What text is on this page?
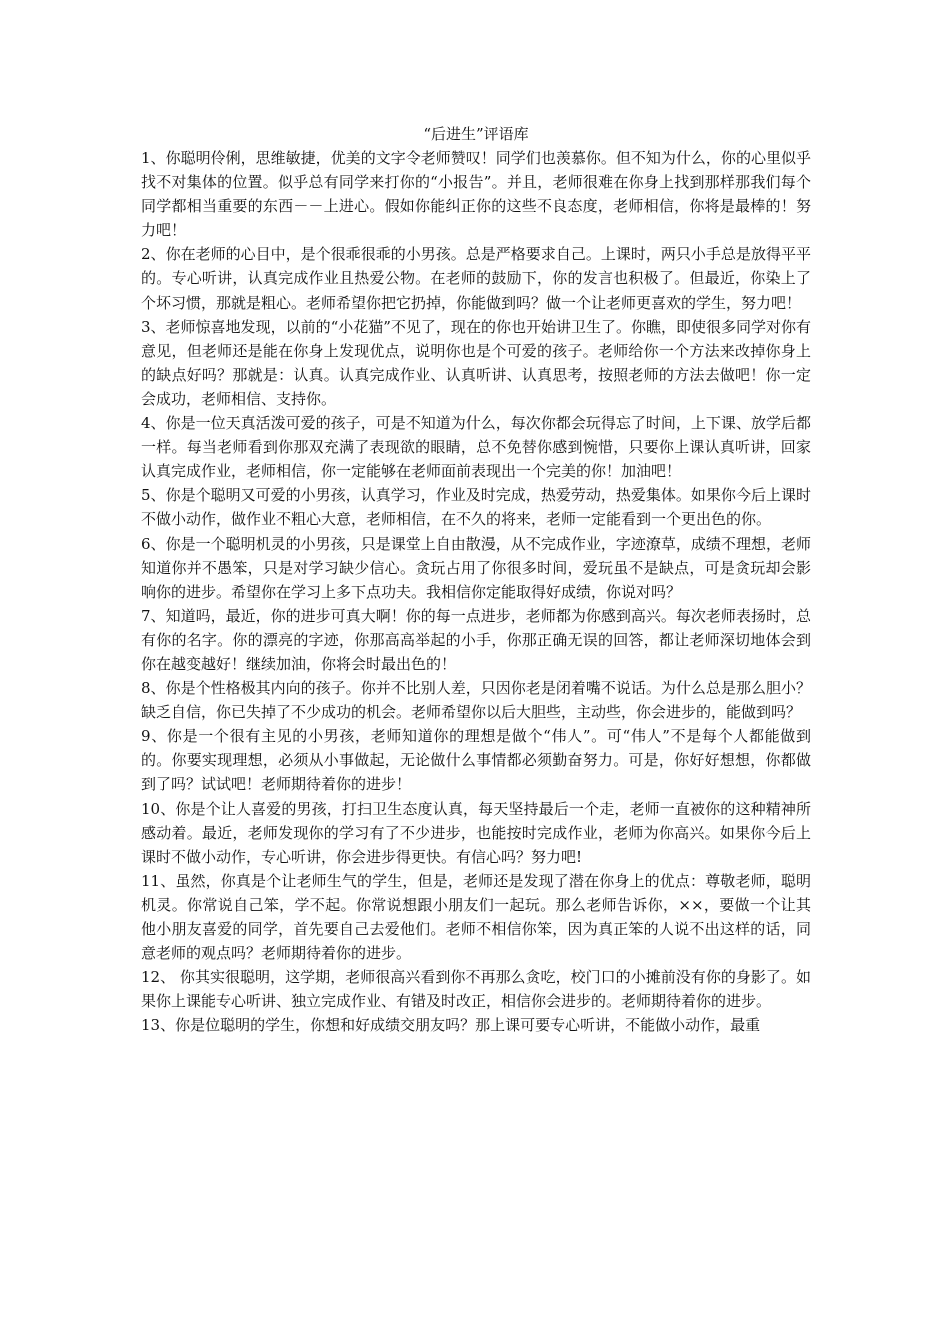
“后进生”评语库

1、你聪明伶俐，思维敏捷，优美的文字令老师赞叹！同学们也羡慕你。但不知为什么，你的心里似乎找不对集体的位置。似乎总有同学来打你的“小报告”。并且，老师很难在你身上找到那样那我们每个同学都相当重要的东西－－上进心。假如你能纠正你的这些不良态度，老师相信，你将是最棒的！努力吧！

2、你在老师的心目中，是个很乖很乖的小男孩。总是严格要求自己。上课时，两只小手总是放得平平的。专心听讲，认真完成作业且热爱公物。在老师的鼓励下，你的发言也积极了。但最近，你染上了个坏习惯，那就是粗心。老师希望你把它扔掉，你能做到吗？做一个让老师更喜欢的学生，努力吧！

3、老师惊喜地发现，以前的“小花猫”不见了，现在的你也开始讲卫生了。你瞧，即使很多同学对你有意见，但老师还是能在你身上发现优点，说明你也是个可爱的孩子。老师给你一个方法来改掉你身上的缺点好吗？那就是：认真。认真完成作业、认真听讲、认真思考，按照老师的方法去做吧！你一定会成功，老师相信、支持你。

4、你是一位天真活泼可爱的孩子，可是不知道为什么，每次你都会玩得忘了时间，上下课、放学后都一样。每当老师看到你那双充满了表现欲的眼睛，总不免替你感到惋惜，只要你上课认真听讲，回家认真完成作业，老师相信，你一定能够在老师面前表现出一个完美的你！加油吧！

5、你是个聪明又可爱的小男孩，认真学习，作业及时完成，热爱劳动，热爱集体。如果你今后上课时不做小动作，做作业不粗心大意，老师相信，在不久的将来，老师一定能看到一个更出色的你。

6、你是一个聪明机灵的小男孩，只是课堂上自由散漫，从不完成作业，字迹潦草，成绩不理想，老师知道你并不愚笨，只是对学习缺少信心。贪玩占用了你很多时间，爱玩虽不是缺点，可是贪玩却会影响你的进步。希望你在学习上多下点功夫。我相信你定能取得好成绩，你说对吗？

7、知道吗，最近，你的进步可真大啊！你的每一点进步，老师都为你感到高兴。每次老师表扬时，总有你的名字。你的漂亮的字迹，你那高高举起的小手，你那正确无误的回答，都让老师深切地体会到你在越变越好！继续加油，你将会时最出色的！

8、你是个性格极其内向的孩子。你并不比别人差，只因你老是闭着嘴不说话。为什么总是那么胆小？缺乏自信，你已失掉了不少成功的机会。老师希望你以后大胆些，主动些，你会进步的，能做到吗？

9、你是一个很有主见的小男孩，老师知道你的理想是做个“伟人”。可“伟人”不是每个人都能做到的。你要实现理想，必须从小事做起，无论做什么事情都必须勤奋努力。可是，你好好想想，你都做到了吗？试试吧！老师期待着你的进步！

10、你是个让人喜爱的男孩，打扫卫生态度认真，每天坚持最后一个走，老师一直被你的这种精神所感动着。最近，老师发现你的学习有了不少进步，也能按时完成作业，老师为你高兴。如果你今后上课时不做小动作，专心听讲，你会进步得更快。有信心吗？努力吧!

11、虽然，你真是个让老师生气的学生，但是，老师还是发现了潜在你身上的优点：尊敬老师，聪明机灵。你常说自己笨，学不起。你常说想跟小朋友们一起玩。那么老师告诉你，××，要做一个让其他小朋友喜爱的同学，首先要自己去爱他们。老师不相信你笨，因为真正笨的人说不出这样的话，同意老师的观点吗？老师期待着你的进步。

12、 你其实很聪明，这学期，老师很高兴看到你不再那么贪吃，校门口的小摊前没有你的身影了。如果你上课能专心听讲、独立完成作业、有错及时改正，相信你会进步的。老师期待着你的进步。

13、你是位聪明的学生，你想和好成绩交朋友吗？那上课可要专心听讲，不能做小动作，最重
